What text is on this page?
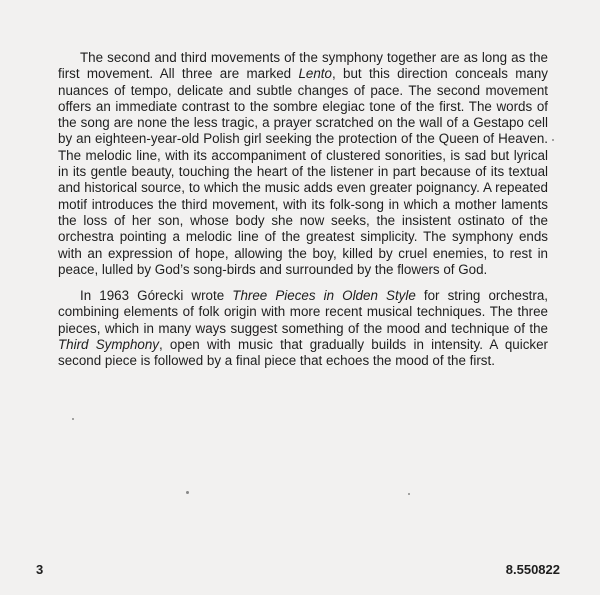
The second and third movements of the symphony together are as long as the first movement. All three are marked Lento, but this direction conceals many nuances of tempo, delicate and subtle changes of pace. The second movement offers an immediate contrast to the sombre elegiac tone of the first. The words of the song are none the less tragic, a prayer scratched on the wall of a Gestapo cell by an eighteen-year-old Polish girl seeking the protection of the Queen of Heaven. The melodic line, with its accompaniment of clustered sonorities, is sad but lyrical in its gentle beauty, touching the heart of the listener in part because of its textual and historical source, to which the music adds even greater poignancy. A repeated motif introduces the third movement, with its folk-song in which a mother laments the loss of her son, whose body she now seeks, the insistent ostinato of the orchestra pointing a melodic line of the greatest simplicity. The symphony ends with an expression of hope, allowing the boy, killed by cruel enemies, to rest in peace, lulled by God’s song-birds and surrounded by the flowers of God.

In 1963 Górecki wrote Three Pieces in Olden Style for string orchestra, combining elements of folk origin with more recent musical techniques. The three pieces, which in many ways suggest something of the mood and technique of the Third Symphony, open with music that gradually builds in intensity. A quicker second piece is followed by a final piece that echoes the mood of the first.

3	8.550822
